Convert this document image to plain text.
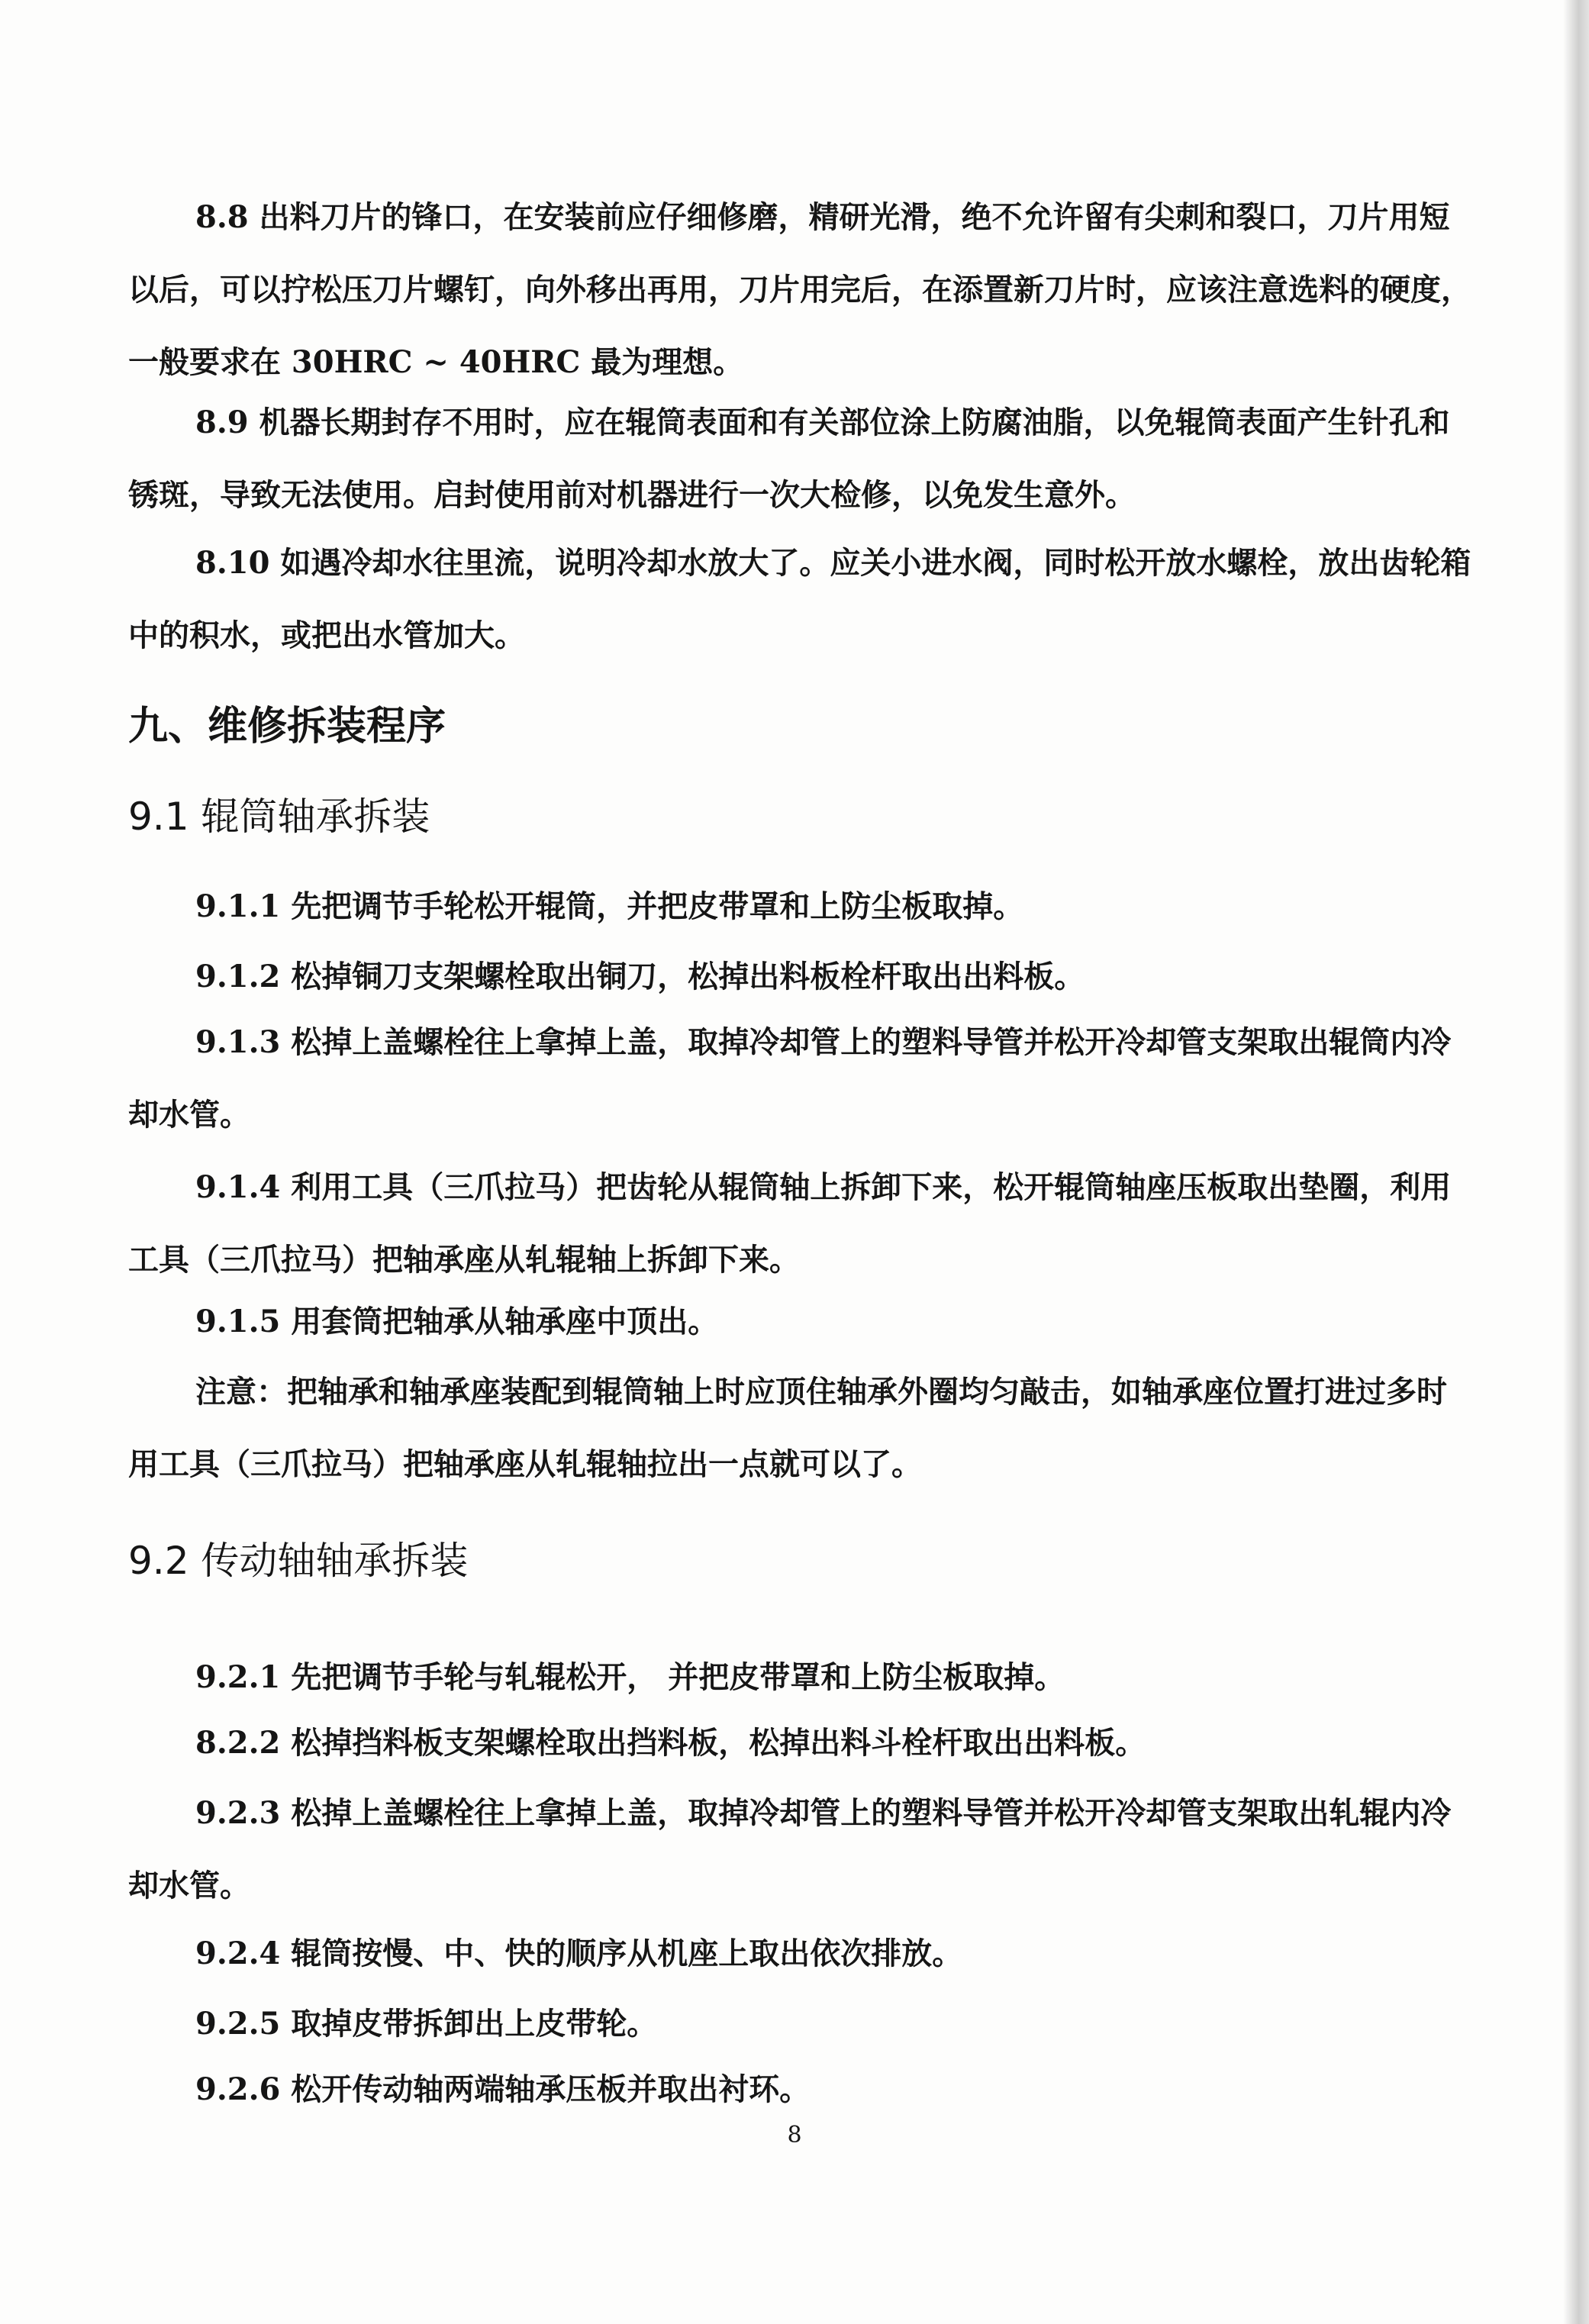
8.8 出料刀片的锋口，在安装前应仔细修磨，精研光滑，绝不允许留有尖刺和裂口，刀片用短以后，可以拧松压刀片螺钉，向外移出再用，刀片用完后，在添置新刀片时，应该注意选料的硬度，一般要求在 30HRC ~ 40HRC 最为理想。

8.9 机器长期封存不用时，应在辊筒表面和有关部位涂上防腐油脂，以免辊筒表面产生针孔和锈斑，导致无法使用。启封使用前对机器进行一次大检修，以免发生意外。

8.10 如遇冷却水往里流，说明冷却水放大了。应关小进水阀，同时松开放水螺栓，放出齿轮箱中的积水，或把出水管加大。

九、维修拆装程序
9.1 辊筒轴承拆装

9.1.1 先把调节手轮松开辊筒，并把皮带罩和上防尘板取掉。

9.1.2 松掉铜刀支架螺栓取出铜刀，松掉出料板栓杆取出出料板。

9.1.3 松掉上盖螺栓往上拿掉上盖，取掉冷却管上的塑料导管并松开冷却管支架取出辊筒内冷却水管。

9.1.4 利用工具（三爪拉马）把齿轮从辊筒轴上拆卸下来，松开辊筒轴座压板取出垫圈，利用工具（三爪拉马）把轴承座从轧辊轴上拆卸下来。

9.1.5 用套筒把轴承从轴承座中顶出。

注意：把轴承和轴承座装配到辊筒轴上时应顶住轴承外圈均匀敲击，如轴承座位置打进过多时用工具（三爪拉马）把轴承座从轧辊轴拉出一点就可以了。

9.2 传动轴轴承拆装

9.2.1 先把调节手轮与轧辊松开， 并把皮带罩和上防尘板取掉。

8.2.2 松掉挡料板支架螺栓取出挡料板，松掉出料斗栓杆取出出料板。

9.2.3 松掉上盖螺栓往上拿掉上盖，取掉冷却管上的塑料导管并松开冷却管支架取出轧辊内冷却水管。

9.2.4 辊筒按慢、中、快的顺序从机座上取出依次排放。

9.2.5 取掉皮带拆卸出上皮带轮。

9.2.6 松开传动轴两端轴承压板并取出衬环。

8
